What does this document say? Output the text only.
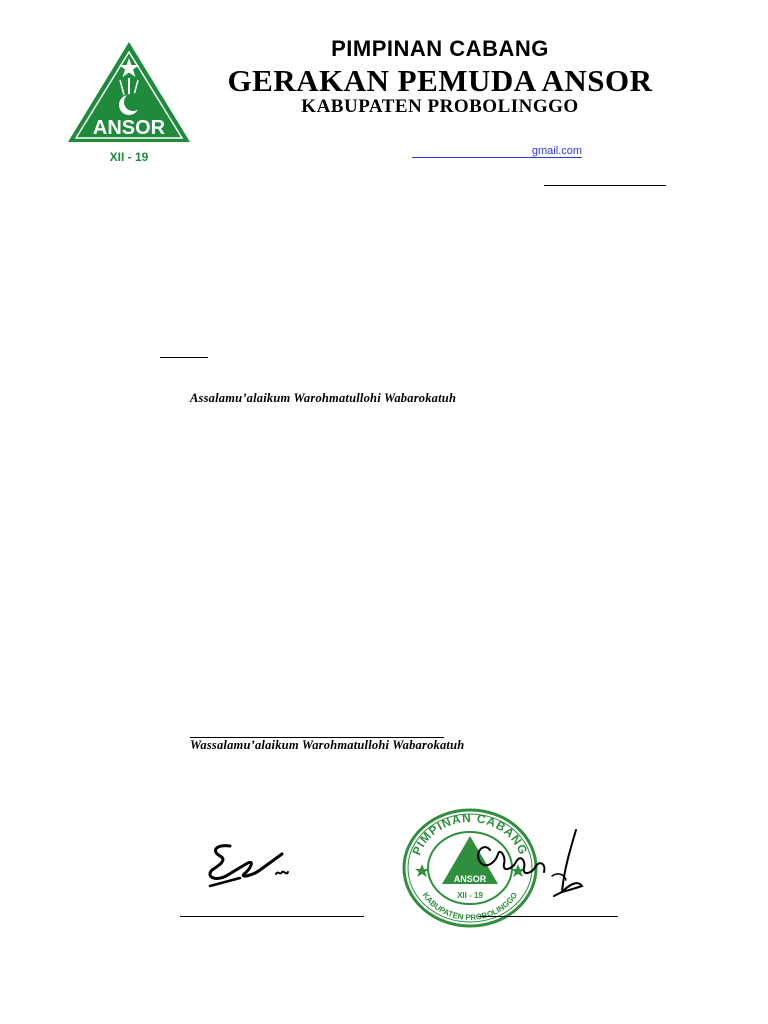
ANSOR
XII - 19
PIMPINAN CABANG
GERAKAN PEMUDA ANSOR
KABUPATEN PROBOLINGGO
gmail.com
Assalamu’alaikum Warohmatullohi Wabarokatuh
Wassalamu’alaikum Warohmatullohi Wabarokatuh
PIMPINAN CABANG
KABUPATEN PROBOLINGGO
ANSOR
XII - 19
